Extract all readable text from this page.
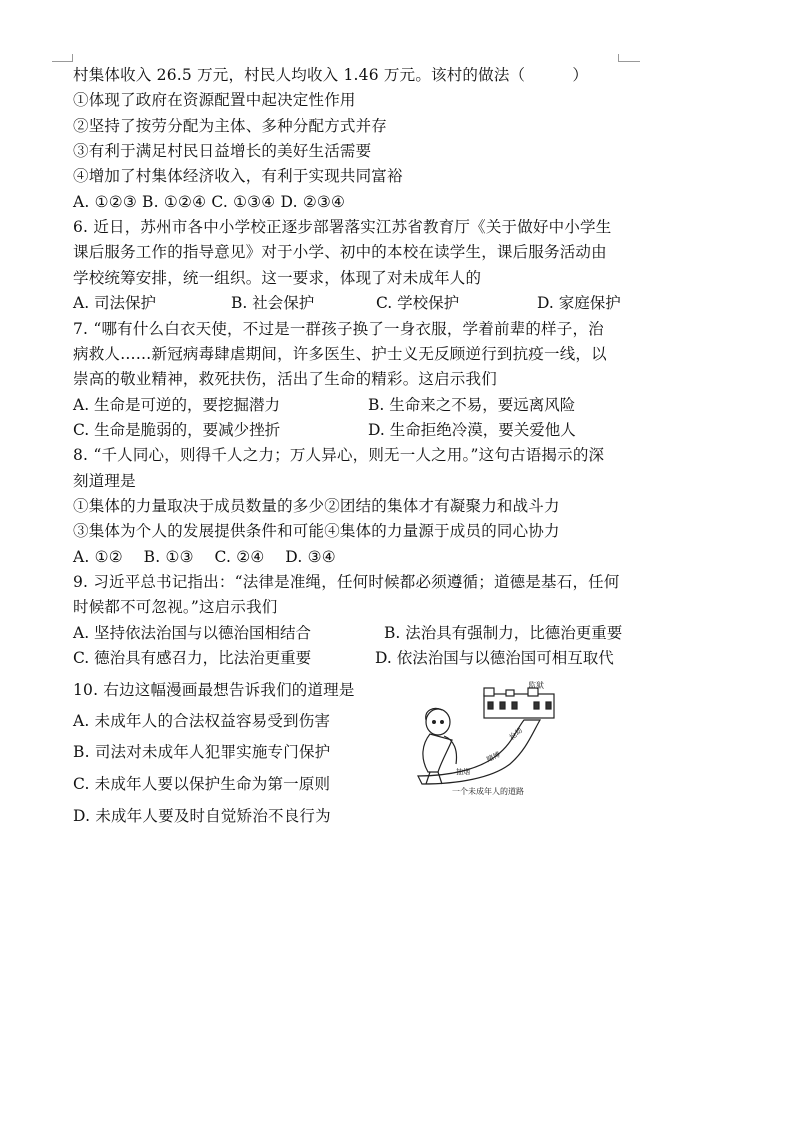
村集体收入 26.5 万元，村民人均收入 1.46 万元。该村的做法（　　　）
①体现了政府在资源配置中起决定性作用
②坚持了按劳分配为主体、多种分配方式并存
③有利于满足村民日益增长的美好生活需要
④增加了村集体经济收入，有利于实现共同富裕
A. ①②③ B. ①②④ C. ①③④ D. ②③④
6. 近日，苏州市各中小学校正逐步部署落实江苏省教育厅《关于做好中小学生
课后服务工作的指导意见》对于小学、初中的本校在读学生，课后服务活动由
学校统筹安排，统一组织。这一要求，体现了对未成年人的
A. 司法保护	B. 社会保护	C. 学校保护	D. 家庭保护
7. “哪有什么白衣天使，不过是一群孩子换了一身衣服，学着前辈的样子，治
病救人……新冠病毒肆虐期间，许多医生、护士义无反顾逆行到抗疫一线，以
崇高的敬业精神，救死扶伤，活出了生命的精彩。这启示我们
A. 生命是可逆的，要挖掘潜力	B. 生命来之不易，要远离风险
C. 生命是脆弱的，要减少挫折	D. 生命拒绝冷漠，要关爱他人
8. “千人同心，则得千人之力；万人异心，则无一人之用。”这句古语揭示的深
刻道理是
①集体的力量取决于成员数量的多少②团结的集体才有凝聚力和战斗力
③集体为个人的发展提供条件和可能④集体的力量源于成员的同心协力
A. ①②　 B. ①③　 C. ②④　 D. ③④
9. 习近平总书记指出：“法律是准绳，任何时候都必须遵循；道德是基石，任何
时候都不可忽视。”这启示我们
A. 坚持依法治国与以德治国相结合	B. 法治具有强制力，比德治更重要
C. 德治具有感召力，比法治更重要	D. 依法治国与以德治国可相互取代
10. 右边这幅漫画最想告诉我们的道理是
A. 未成年人的合法权益容易受到伤害
B. 司法对未成年人犯罪实施专门保护
C. 未成年人要以保护生命为第一原则
D. 未成年人要及时自觉矫治不良行为
监狱
抢劫
赌博
抽烟
一个未成年人的道路
